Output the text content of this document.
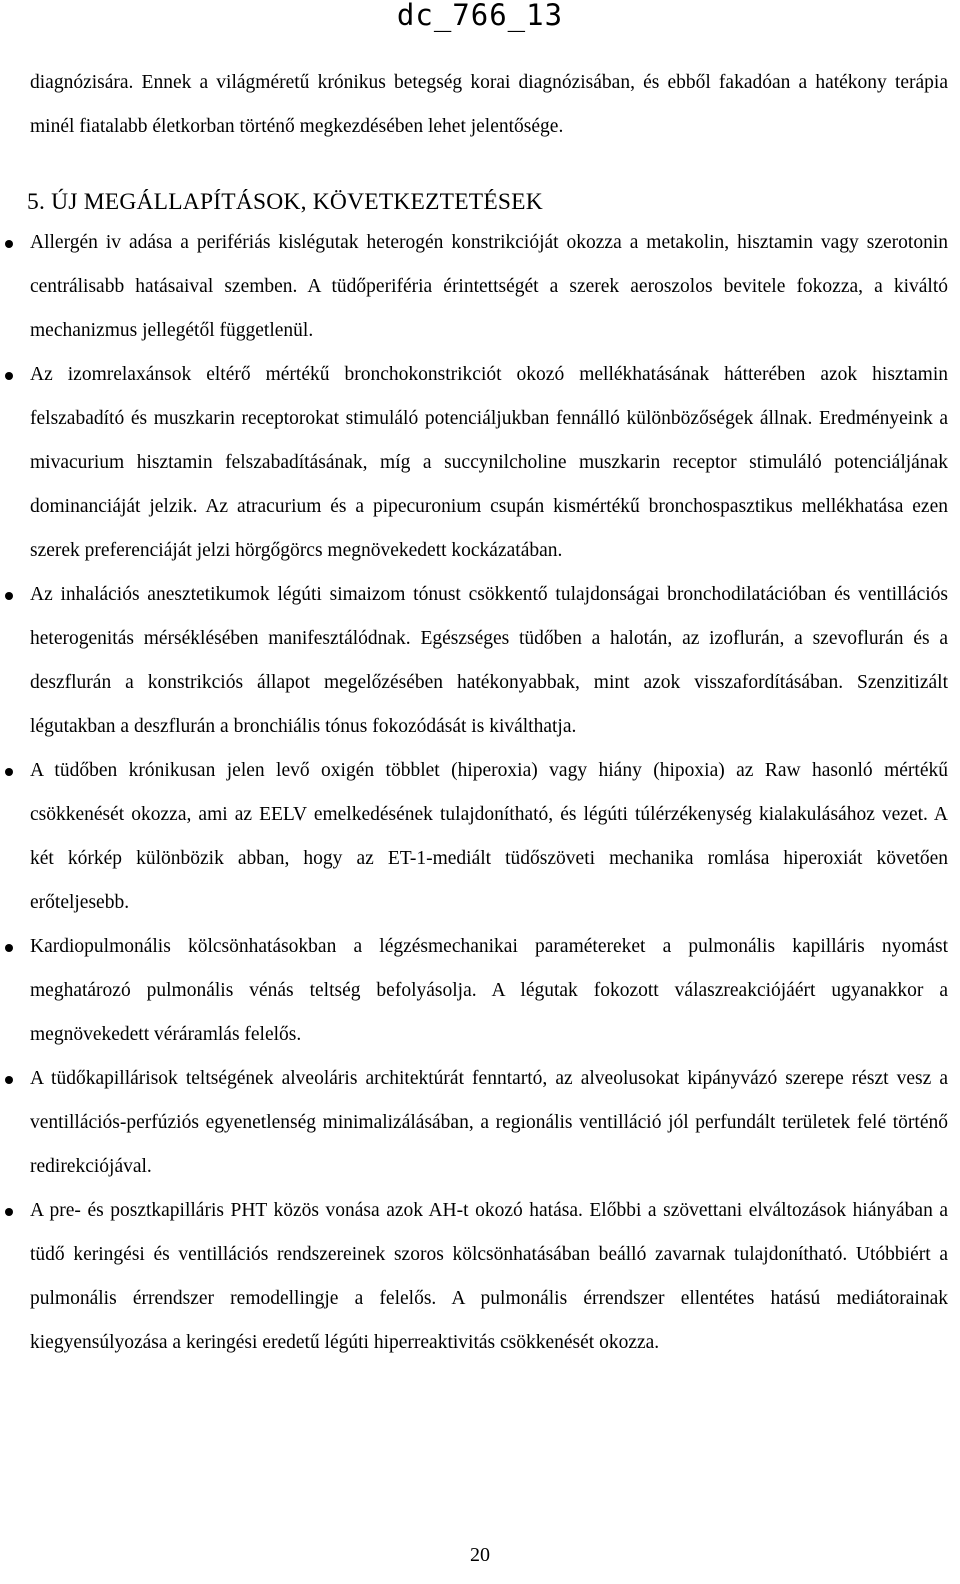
dc_766_13

diagnózisára. Ennek a világméretű krónikus betegség korai diagnózisában, és ebből fakadóan a hatékony terápia minél fiatalabb életkorban történő megkezdésében lehet jelentősége.

5. ÚJ MEGÁLLAPÍTÁSOK, KÖVETKEZTETÉSEK
Allergén iv adása a perifériás kislégutak heterogén konstrikcióját okozza a metakolin, hisztamin vagy szerotonin centrálisabb hatásaival szemben. A tüdőperiféria érintettségét a szerek aeroszolos bevitele fokozza, a kiváltó mechanizmus jellegétől függetlenül.
Az izomrelaxánsok eltérő mértékű bronchokonstrikciót okozó mellékhatásának hátterében azok hisztamin felszabadító és muszkarin receptorokat stimuláló potenciáljukban fennálló különbözőségek állnak. Eredményeink a mivacurium hisztamin felszabadításának, míg a succynilcholine muszkarin receptor stimuláló potenciáljának dominanciáját jelzik. Az atracurium és a pipecuronium csupán kismértékű bronchospasztikus mellékhatása ezen szerek preferenciáját jelzi hörgőgörcs megnövekedett kockázatában.
Az inhalációs anesztetikumok légúti simaizom tónust csökkentő tulajdonságai bronchodilatációban és ventillációs heterogenitás mérséklésében manifesztálódnak. Egészséges tüdőben a halotán, az izoflurán, a szevoflurán és a deszflurán a konstrikciós állapot megelőzésében hatékonyabbak, mint azok visszafordításában. Szenzitizált légutakban a deszflurán a bronchiális tónus fokozódását is kiválthatja.
A tüdőben krónikusan jelen levő oxigén többlet (hiperoxia) vagy hiány (hipoxia) az Raw hasonló mértékű csökkenését okozza, ami az EELV emelkedésének tulajdonítható, és légúti túlérzékenység kialakulásához vezet. A két kórkép különbözik abban, hogy az ET-1-mediált tüdőszöveti mechanika romlása hiperoxiát követően erőteljesebb.
Kardiopulmonális kölcsönhatásokban a légzésmechanikai paramétereket a pulmonális kapilláris nyomást meghatározó pulmonális vénás teltség befolyásolja. A légutak fokozott válaszreakciójáért ugyanakkor a megnövekedett véráramlás felelős.
A tüdőkapillárisok teltségének alveoláris architektúrát fenntartó, az alveolusokat kipányvázó szerepe részt vesz a ventillációs-perfúziós egyenetlenség minimalizálásában, a regionális ventilláció jól perfundált területek felé történő redirekciójával.
A pre- és posztkapilláris PHT közös vonása azok AH-t okozó hatása. Előbbi a szövettani elváltozások hiányában a tüdő keringési és ventillációs rendszereinek szoros kölcsönhatásában beálló zavarnak tulajdonítható. Utóbbiért a pulmonális érrendszer remodellingje a felelős. A pulmonális érrendszer ellentétes hatású mediátorainak kiegyensúlyozása a keringési eredetű légúti hiperreaktivitás csökkenését okozza.
20
